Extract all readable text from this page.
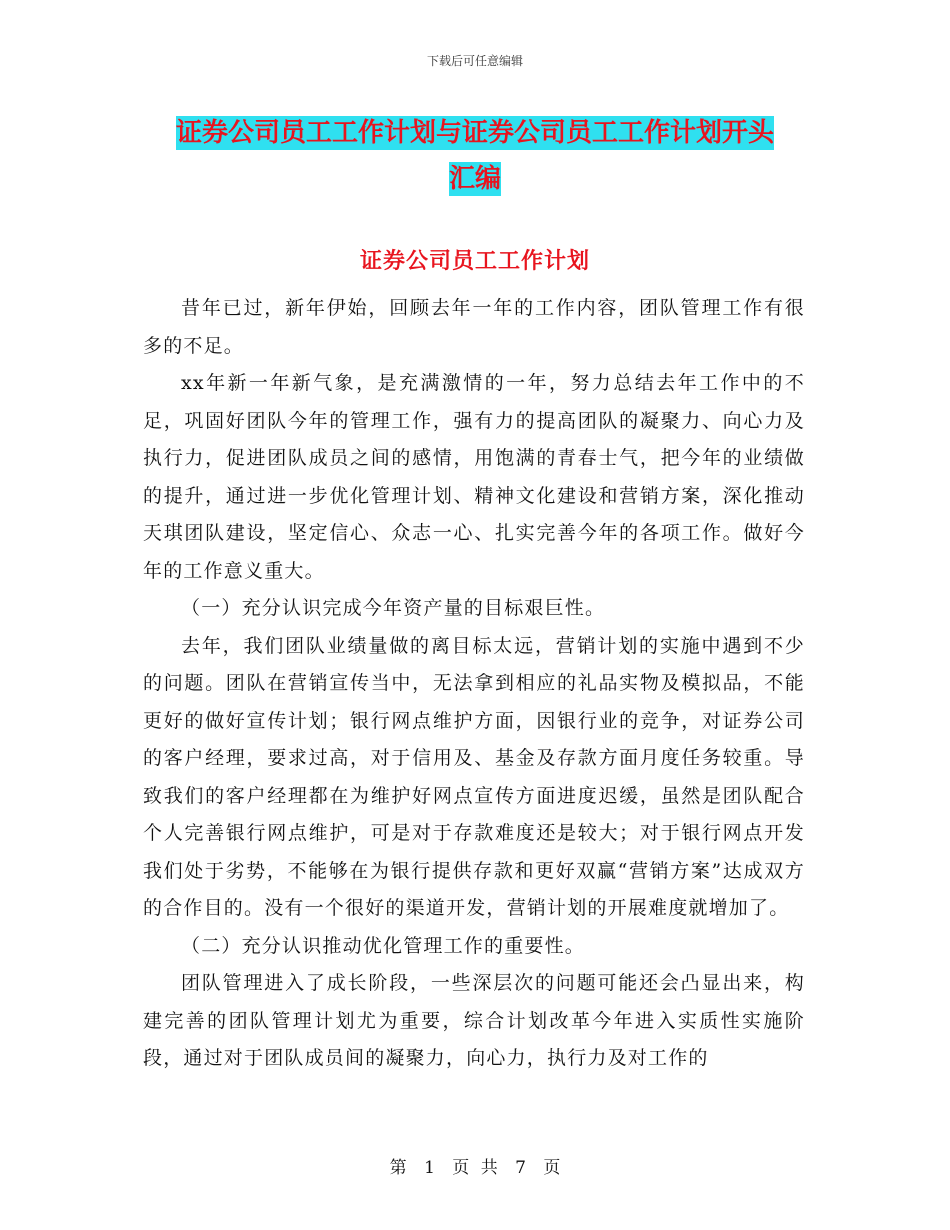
下载后可任意编辑
证券公司员工工作计划与证券公司员工工作计划开头
汇编
证券公司员工工作计划

昔年已过，新年伊始，回顾去年一年的工作内容，团队管理工作有很多的不足。

xx年新一年新气象，是充满激情的一年，努力总结去年工作中的不足，巩固好团队今年的管理工作，强有力的提高团队的凝聚力、向心力及执行力，促进团队成员之间的感情，用饱满的青春士气，把今年的业绩做的提升，通过进一步优化管理计划、精神文化建设和营销方案，深化推动天琪团队建设，坚定信心、众志一心、扎实完善今年的各项工作。做好今年的工作意义重大。

（一）充分认识完成今年资产量的目标艰巨性。

去年，我们团队业绩量做的离目标太远，营销计划的实施中遇到不少的问题。团队在营销宣传当中，无法拿到相应的礼品实物及模拟品，不能更好的做好宣传计划；银行网点维护方面，因银行业的竞争，对证券公司的客户经理，要求过高，对于信用及、基金及存款方面月度任务较重。导致我们的客户经理都在为维护好网点宣传方面进度迟缓，虽然是团队配合个人完善银行网点维护，可是对于存款难度还是较大；对于银行网点开发我们处于劣势，不能够在为银行提供存款和更好双赢“营销方案”达成双方的合作目的。没有一个很好的渠道开发，营销计划的开展难度就增加了。

（二）充分认识推动优化管理工作的重要性。

团队管理进入了成长阶段，一些深层次的问题可能还会凸显出来，构建完善的团队管理计划尤为重要，综合计划改革今年进入实质性实施阶段，通过对于团队成员间的凝聚力，向心力，执行力及对工作的

第 1 页 共 7 页
